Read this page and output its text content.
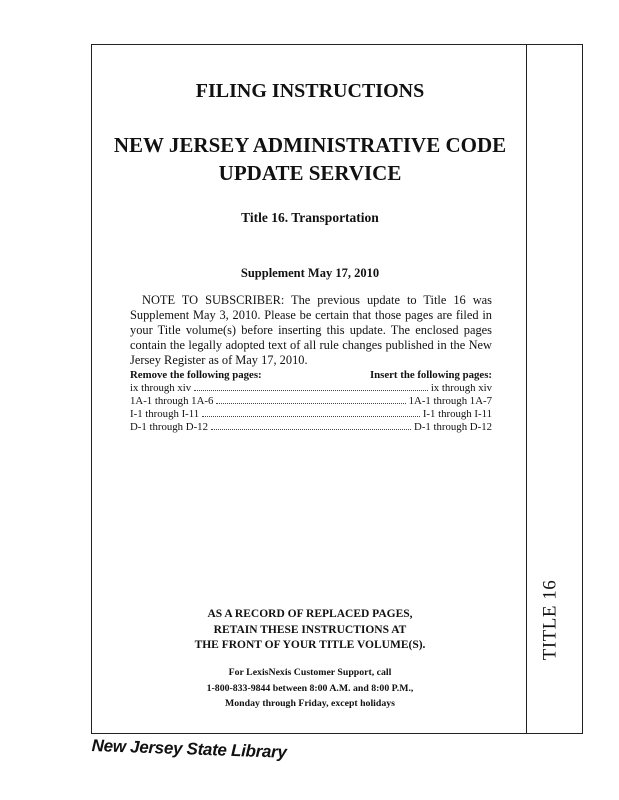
TITLE 16
FILING INSTRUCTIONS
NEW JERSEY ADMINISTRATIVE CODE
UPDATE SERVICE
Title 16. Transportation
Supplement May 17, 2010

NOTE TO SUBSCRIBER: The previous update to Title 16 was Supplement May 3, 2010. Please be certain that those pages are filed in your Title volume(s) before inserting this update. The enclosed pages contain the legally adopted text of all rule changes published in the New Jersey Register as of May 17, 2010.

Remove the following pages:	Insert the following pages:
ix through xiv	ix through xiv
1A-1 through 1A-6	1A-1 through 1A-7
I-1 through I-11	I-1 through I-11
D-1 through D-12	D-1 through D-12
AS A RECORD OF REPLACED PAGES,
RETAIN THESE INSTRUCTIONS AT
THE FRONT OF YOUR TITLE VOLUME(S).
For LexisNexis Customer Support, call
1-800-833-9844 between 8:00 A.M. and 8:00 P.M.,
Monday through Friday, except holidays
New Jersey State Library
